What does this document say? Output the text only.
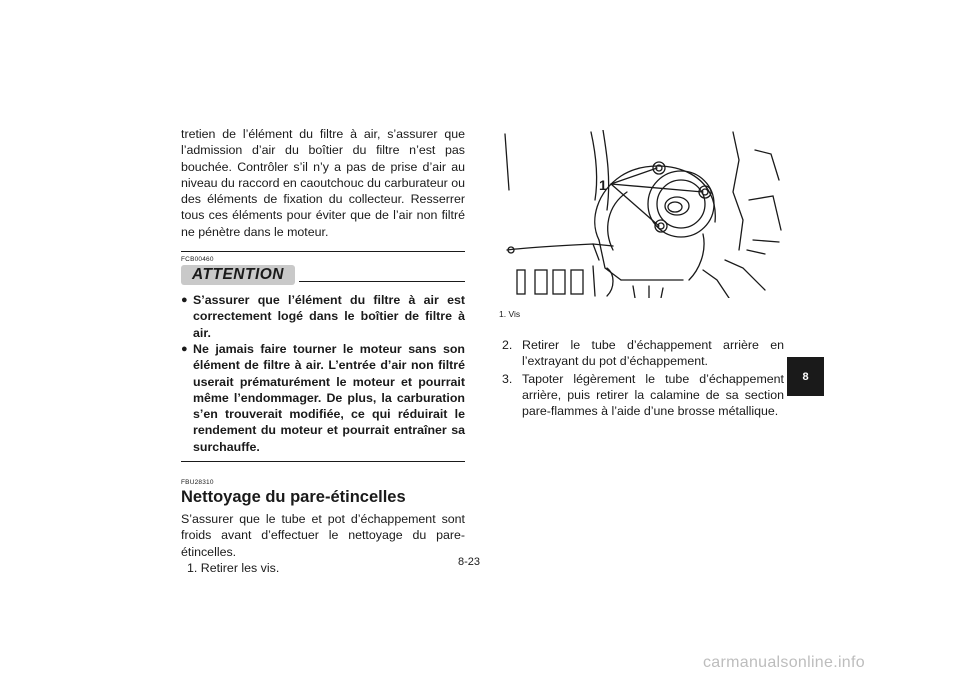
tretien de l’élément du filtre à air, s’assurer que l’admission d’air du boîtier du filtre n’est pas bouchée. Contrôler s’il n’y a pas de prise d’air au niveau du raccord en caoutchouc du carburateur ou des éléments de fixation du collecteur. Resserrer tous ces éléments pour éviter que de l’air non filtré ne pénètre dans le moteur.

FCB00460

ATTENTION
● S’assurer que l’élément du filtre à air est correctement logé dans le boîtier de filtre à air.
● Ne jamais faire tourner le moteur sans son élément de filtre à air. L’entrée d’air non filtré userait prématurément le moteur et pourrait même l’endommager. De plus, la carburation s’en trouverait modifiée, ce qui réduirait le rendement du moteur et pourrait entraîner sa surchauffe.

FBU28310

Nettoyage du pare-étincelles

S’assurer que le tube et pot d’échappement sont froids avant d’effectuer le nettoyage du pare-étincelles.

1. Retirer les vis.

1
1. Vis

2. Retirer le tube d’échappement arrière en l’extrayant du pot d’échappement.

3. Tapoter légèrement le tube d’échappement arrière, puis retirer la calamine de sa section pare-flammes à l’aide d’une brosse métallique.

8
8-23
carmanualsonline.info
